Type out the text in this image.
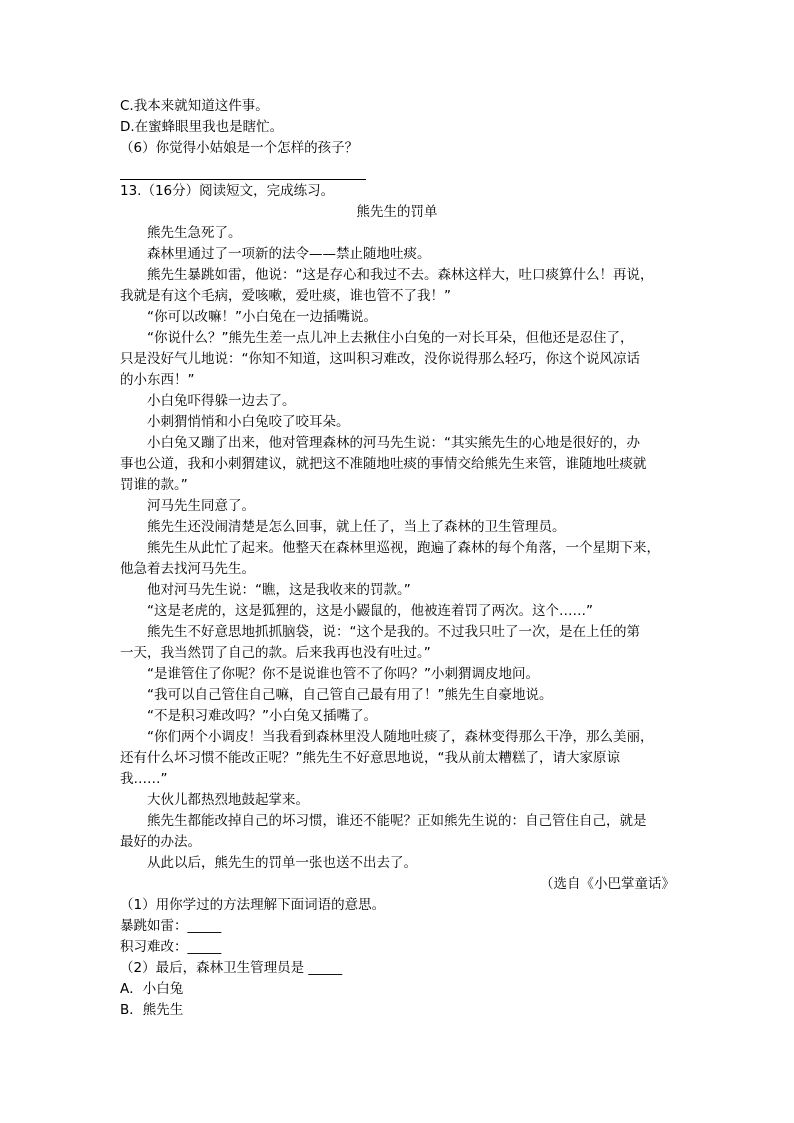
C.我本来就知道这件事。
D.在蜜蜂眼里我也是瞎忙。
（6）你觉得小姑娘是一个怎样的孩子？
13.（16分）阅读短文，完成练习。
熊先生的罚单
熊先生急死了。
森林里通过了一项新的法令——禁止随地吐痰。
熊先生暴跳如雷，他说：“这是存心和我过不去。森林这样大，吐口痰算什么！再说，
我就是有这个毛病，爱咳嗽，爱吐痰，谁也管不了我！”
“你可以改嘛！”小白兔在一边插嘴说。
“你说什么？”熊先生差一点儿冲上去揪住小白兔的一对长耳朵，但他还是忍住了，
只是没好气儿地说：“你知不知道，这叫积习难改，没你说得那么轻巧，你这个说风凉话
的小东西！”
小白兔吓得躲一边去了。
小刺猬悄悄和小白兔咬了咬耳朵。
小白兔又蹦了出来，他对管理森林的河马先生说：“其实熊先生的心地是很好的，办
事也公道，我和小刺猬建议，就把这不准随地吐痰的事情交给熊先生来管，谁随地吐痰就
罚谁的款。”
河马先生同意了。
熊先生还没闹清楚是怎么回事，就上任了，当上了森林的卫生管理员。
熊先生从此忙了起来。他整天在森林里巡视，跑遍了森林的每个角落，一个星期下来，
他急着去找河马先生。
他对河马先生说：“瞧，这是我收来的罚款。”
“这是老虎的，这是狐狸的，这是小鼹鼠的，他被连着罚了两次。这个……”
熊先生不好意思地抓抓脑袋，说：“这个是我的。不过我只吐了一次，是在上任的第
一天，我当然罚了自己的款。后来我再也没有吐过。”
“是谁管住了你呢？你不是说谁也管不了你吗？”小刺猬调皮地问。
“我可以自己管住自己嘛，自己管自己最有用了！”熊先生自豪地说。
“不是积习难改吗？”小白兔又插嘴了。
“你们两个小调皮！当我看到森林里没人随地吐痰了，森林变得那么干净，那么美丽，
还有什么坏习惯不能改正呢？”熊先生不好意思地说，“我从前太糟糕了，请大家原谅
我……”
大伙儿都热烈地鼓起掌来。
熊先生都能改掉自己的坏习惯，谁还不能呢？正如熊先生说的：自己管住自己，就是
最好的办法。
从此以后，熊先生的罚单一张也送不出去了。
（选自《小巴掌童话》
（1）用你学过的方法理解下面词语的意思。
暴跳如雷：_____
积习难改：_____
（2）最后，森林卫生管理员是 _____
A．小白兔
B．熊先生
